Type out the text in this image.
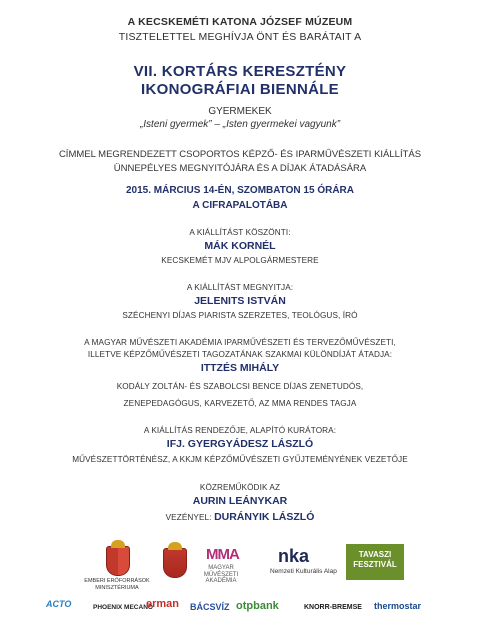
A KECSKEMÉTI KATONA JÓZSEF MÚZEUM
TISZTELETTEL MEGHÍVJA ÖNT ÉS BARÁTAIT A
VII. KORTÁRS KERESZTÉNY
IKONOGRÁFIAI BIENNÁLE
GYERMEKEK
„Isteni gyermek” – „Isten gyermekei vagyunk”
CÍMMEL MEGRENDEZETT CSOPORTOS KÉPZŐ- ÉS IPARMŰVÉSZETI KIÁLLÍTÁS
ÜNNEPÉLYES MEGNYITÓJÁRA ÉS A DÍJAK ÁTADÁSÁRA
2015. MÁRCIUS 14-ÉN, SZOMBATON 15 ÓRÁRA
A CIFRAPALOTÁBA
A KIÁLLÍTÁST KÖSZÖNTI:
MÁK KORNÉL
KECSKEMÉT MJV ALPOLGÁRMESTERE
A KIÁLLÍTÁST MEGNYITJA:
JELENITS ISTVÁN
SZÉCHENYI DÍJAS PIARISTA SZERZETES, TEOLÓGUS, ÍRÓ
A MAGYAR MŰVÉSZETI AKADÉMIA IPARMŰVÉSZETI ÉS TERVEZŐMŰVÉSZETI,
ILLETVE KÉPZŐMŰVÉSZETI TAGOZATÁNAK SZAKMAI KÜLÖNDÍJÁT ÁTADJA:
ITTZÉS MIHÁLY
KODÁLY ZOLTÁN- ÉS SZABOLCSI BENCE DÍJAS ZENETUDÓS,
ZENEPEDAGÓGUS, KARVEZETŐ, AZ MMA RENDES TAGJA
A KIÁLLÍTÁS RENDEZŐJE, ALAPÍTÓ KURÁTORA:
IFJ. GYERGYÁDESZ LÁSZLÓ
MŰVÉSZETTÖRTÉNÉSZ, A KKJM KÉPZŐMŰVÉSZETI GYŰJTEMÉNYÉNEK VEZETŐJE
KÖZREMŰKÖDIK AZ
AURIN LEÁNYKAR
VEZÉNYEL: DURÁNYIK LÁSZLÓ
EMBERI ERŐFORRÁSOK
MINISZTÉRIUMA
MMA
MAGYAR
MŰVÉSZETI
AKADÉMIA
nka
Nemzeti Kulturális Alap
TAVASZI
FESZTIVÁL
ACTO	PHOENIX MECANO
erman BÁCSVÍZ otpbank	KNORR-BREMSE thermostar
